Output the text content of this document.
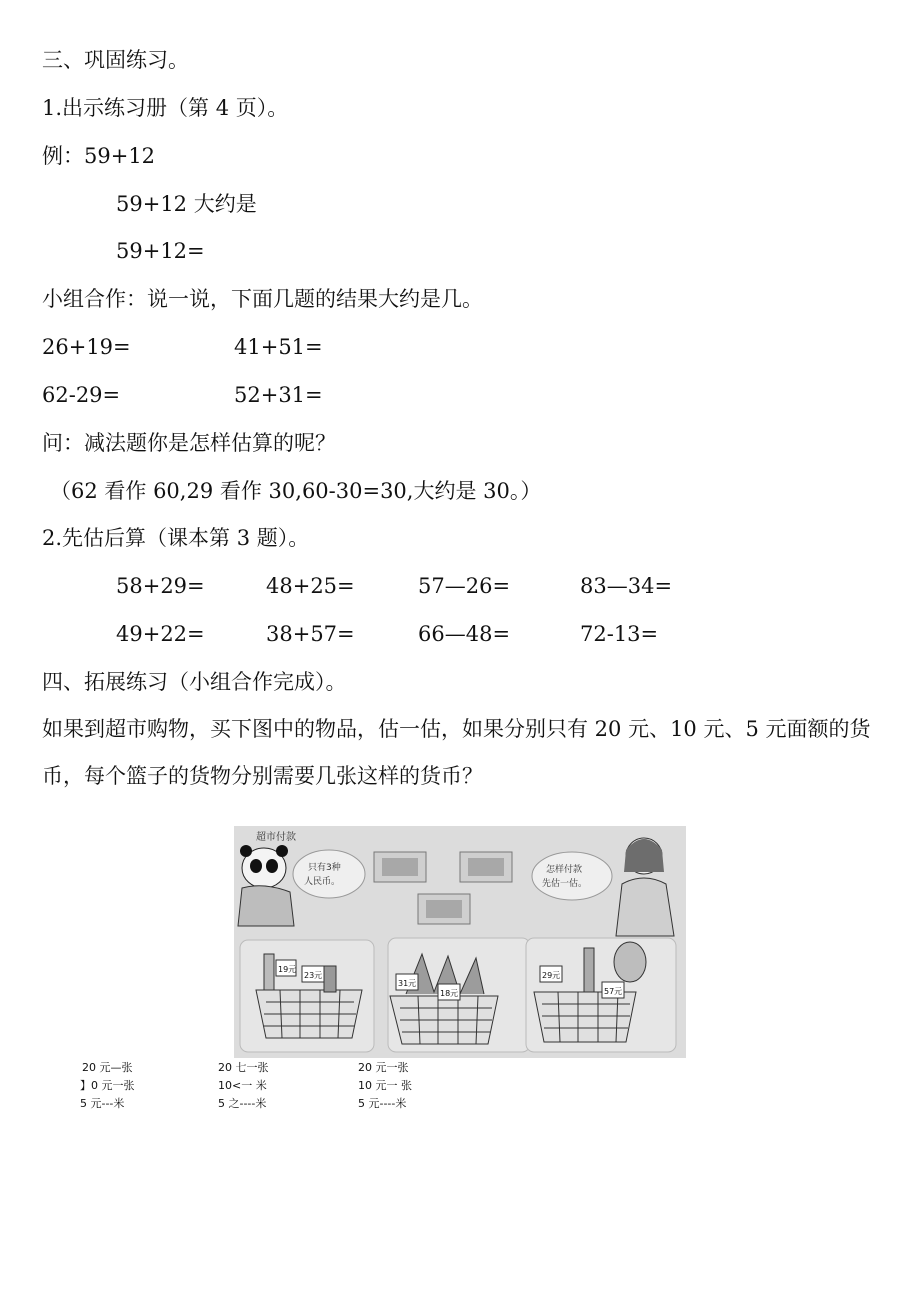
三、巩固练习。
1.出示练习册（第 4 页）。
例：59+12
59+12 大约是
59+12=
小组合作：说一说，下面几题的结果大约是几。
26+19=	41+51=
62-29=	52+31=
问：减法题你是怎样估算的呢？
（62 看作 60,29 看作 30,60-30=30,大约是 30。）
2.先估后算（课本第 3 题）。
58+29=	48+25=	57—26=	83—34=
49+22=	38+57=	66—48=	72-13=
四、拓展练习（小组合作完成）。
如果到超市购物，买下图中的物品，估一估，如果分别只有 20 元、10 元、5 元面额的货币，每个篮子的货物分别需要几张这样的货币？
超市付款
只有3种
人民币。
怎样付款
先估一估。
19元
23元
31元
18元
29元
57元
20 元—张
】0 元一张
5 元---米
20 七一张
10<一 米
5 之----米
20 元一张
10 元一 张
5 元----米
